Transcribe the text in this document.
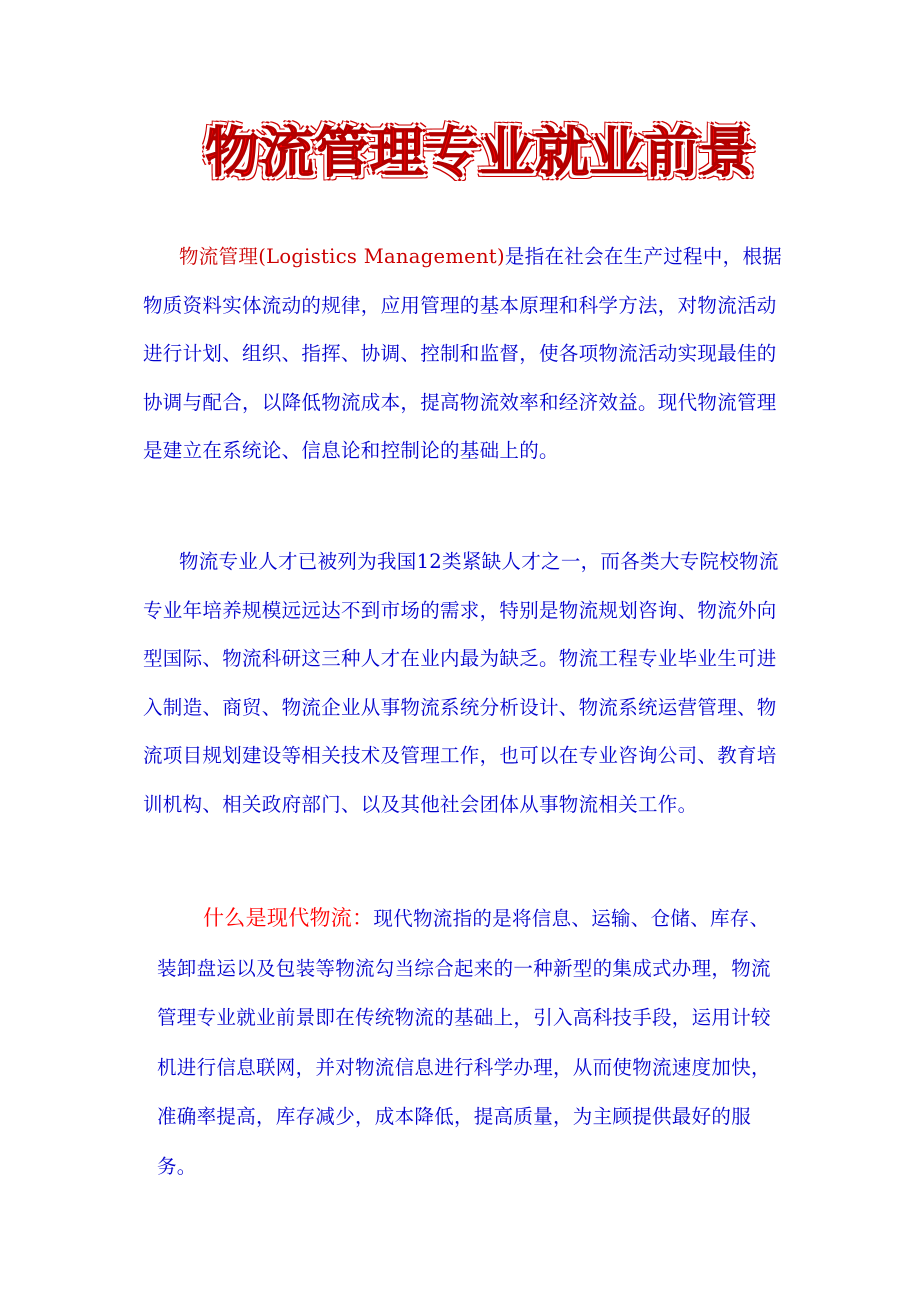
物流管理专业就业前景

物流管理(Logistics Management)是指在社会在生产过程中，根据物质资料实体流动的规律，应用管理的基本原理和科学方法，对物流活动进行计划、组织、指挥、协调、控制和监督，使各项物流活动实现最佳的协调与配合，以降低物流成本，提高物流效率和经济效益。现代物流管理是建立在系统论、信息论和控制论的基础上的。

物流专业人才已被列为我国12类紧缺人才之一，而各类大专院校物流专业年培养规模远远达不到市场的需求，特别是物流规划咨询、物流外向型国际、物流科研这三种人才在业内最为缺乏。物流工程专业毕业生可进入制造、商贸、物流企业从事物流系统分析设计、物流系统运营管理、物流项目规划建设等相关技术及管理工作，也可以在专业咨询公司、教育培训机构、相关政府部门、以及其他社会团体从事物流相关工作。

什么是现代物流：现代物流指的是将信息、运输、仓储、库存、装卸盘运以及包装等物流勾当综合起来的一种新型的集成式办理，物流管理专业就业前景即在传统物流的基础上，引入高科技手段，运用计较机进行信息联网，并对物流信息进行科学办理，从而使物流速度加快，准确率提高，库存减少，成本降低，提高质量，为主顾提供最好的服务。
